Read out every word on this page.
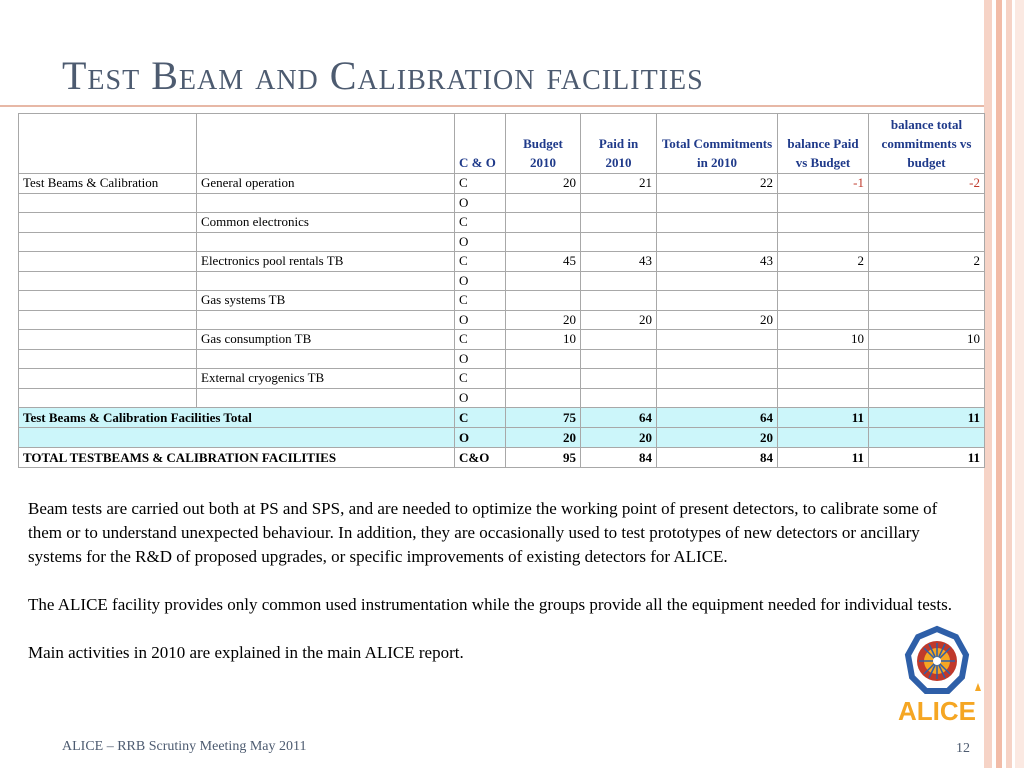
Test Beam and Calibration facilities
		C & O	Budget 2010	Paid in 2010	Total Commitments in 2010	balance Paid vs Budget	balance total commitments vs budget
Test Beams & Calibration	General operation	C	20	21	22	-1	-2
		O					
	Common electronics	C					
		O					
	Electronics pool rentals TB	C	45	43	43	2	2
		O					
	Gas systems TB	C					
		O	20	20	20		
	Gas consumption TB	C	10			10	10
		O					
	External cryogenics TB	C					
		O					
Test Beams & Calibration Facilities Total		C	75	64	64	11	11
		O	20	20	20		
TOTAL TESTBEAMS & CALIBRATION FACILITIES		C&O	95	84	84	11	11

Beam tests are carried out both at PS and SPS, and are needed to optimize the working point of present detectors, to calibrate some of them or to understand unexpected behaviour. In addition, they are occasionally used to test prototypes of new detectors or ancillary systems for the R&D of proposed upgrades, or specific improvements of existing detectors for ALICE.

The ALICE facility provides only common used instrumentation while the groups provide all the equipment needed for individual tests.

Main activities in 2010 are explained in the main ALICE report.

ALICE
ALICE – RRB Scrutiny Meeting May 2011	12
